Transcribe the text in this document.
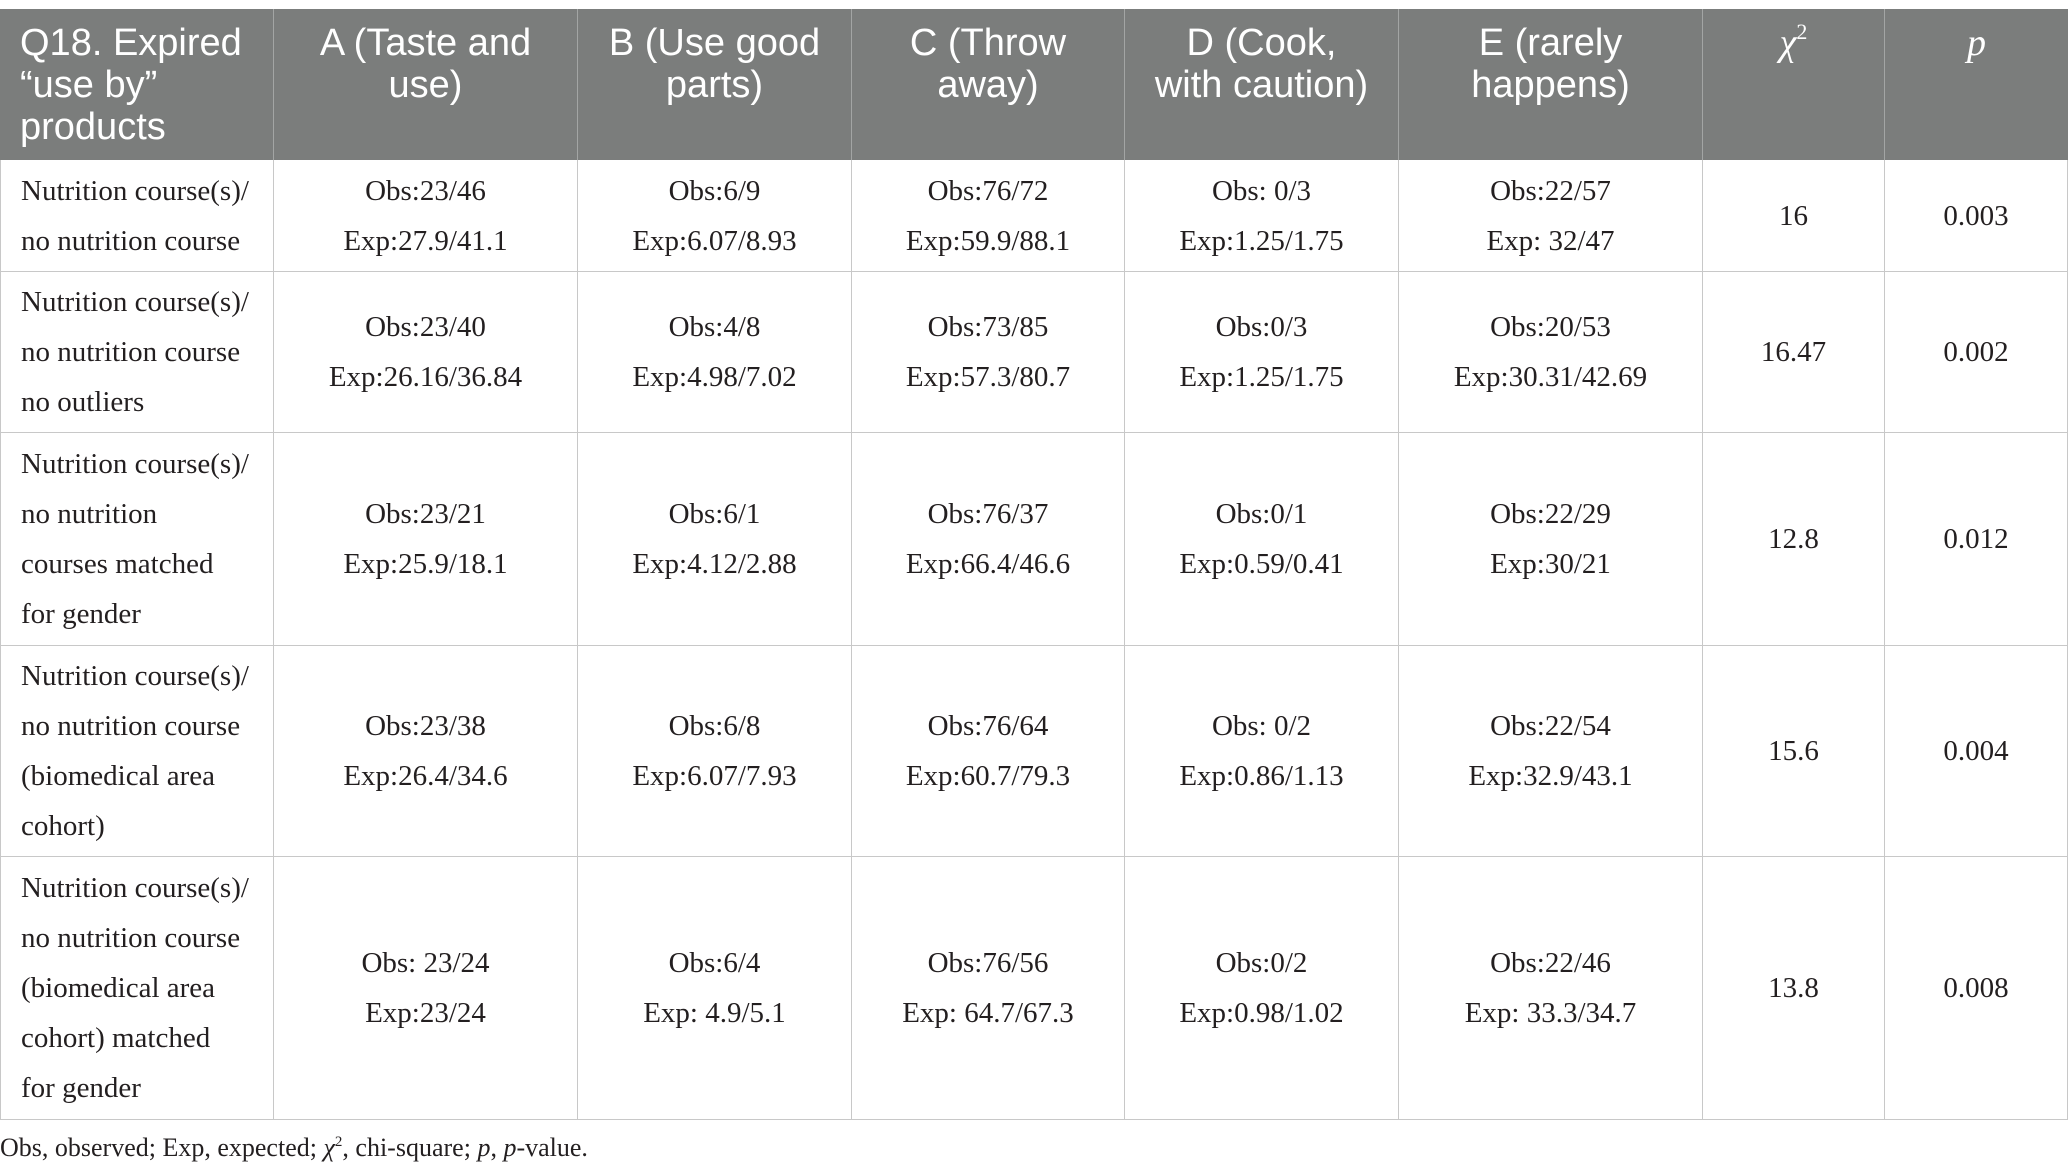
Q18. Expired
“use by”
products	A (Taste and
use)	B (Use good
parts)	C (Throw
away)	D (Cook,
with caution)	E (rarely
happens)	$\chi^2$	p

Nutrition course(s)/
no nutrition course	Obs:23/46
Exp:27.9/41.1	Obs:6/9
Exp:6.07/8.93	Obs:76/72
Exp:59.9/88.1	Obs: 0/3
Exp:1.25/1.75	Obs:22/57
Exp: 32/47	16	0.003

Nutrition course(s)/
no nutrition course
no outliers	Obs:23/40
Exp:26.16/36.84	Obs:4/8
Exp:4.98/7.02	Obs:73/85
Exp:57.3/80.7	Obs:0/3
Exp:1.25/1.75	Obs:20/53
Exp:30.31/42.69	16.47	0.002

Nutrition course(s)/
no nutrition
courses matched
for gender	Obs:23/21
Exp:25.9/18.1	Obs:6/1
Exp:4.12/2.88	Obs:76/37
Exp:66.4/46.6	Obs:0/1
Exp:0.59/0.41	Obs:22/29
Exp:30/21	12.8	0.012

Nutrition course(s)/
no nutrition course
(biomedical area
cohort)	Obs:23/38
Exp:26.4/34.6	Obs:6/8
Exp:6.07/7.93	Obs:76/64
Exp:60.7/79.3	Obs: 0/2
Exp:0.86/1.13	Obs:22/54
Exp:32.9/43.1	15.6	0.004

Nutrition course(s)/
no nutrition course
(biomedical area
cohort) matched
for gender	Obs: 23/24
Exp:23/24	Obs:6/4
Exp: 4.9/5.1	Obs:76/56
Exp: 64.7/67.3	Obs:0/2
Exp:0.98/1.02	Obs:22/46
Exp: 33.3/34.7	13.8	0.008

Obs, observed; Exp, expected; $\chi^2$, chi-square; p, p-value.
